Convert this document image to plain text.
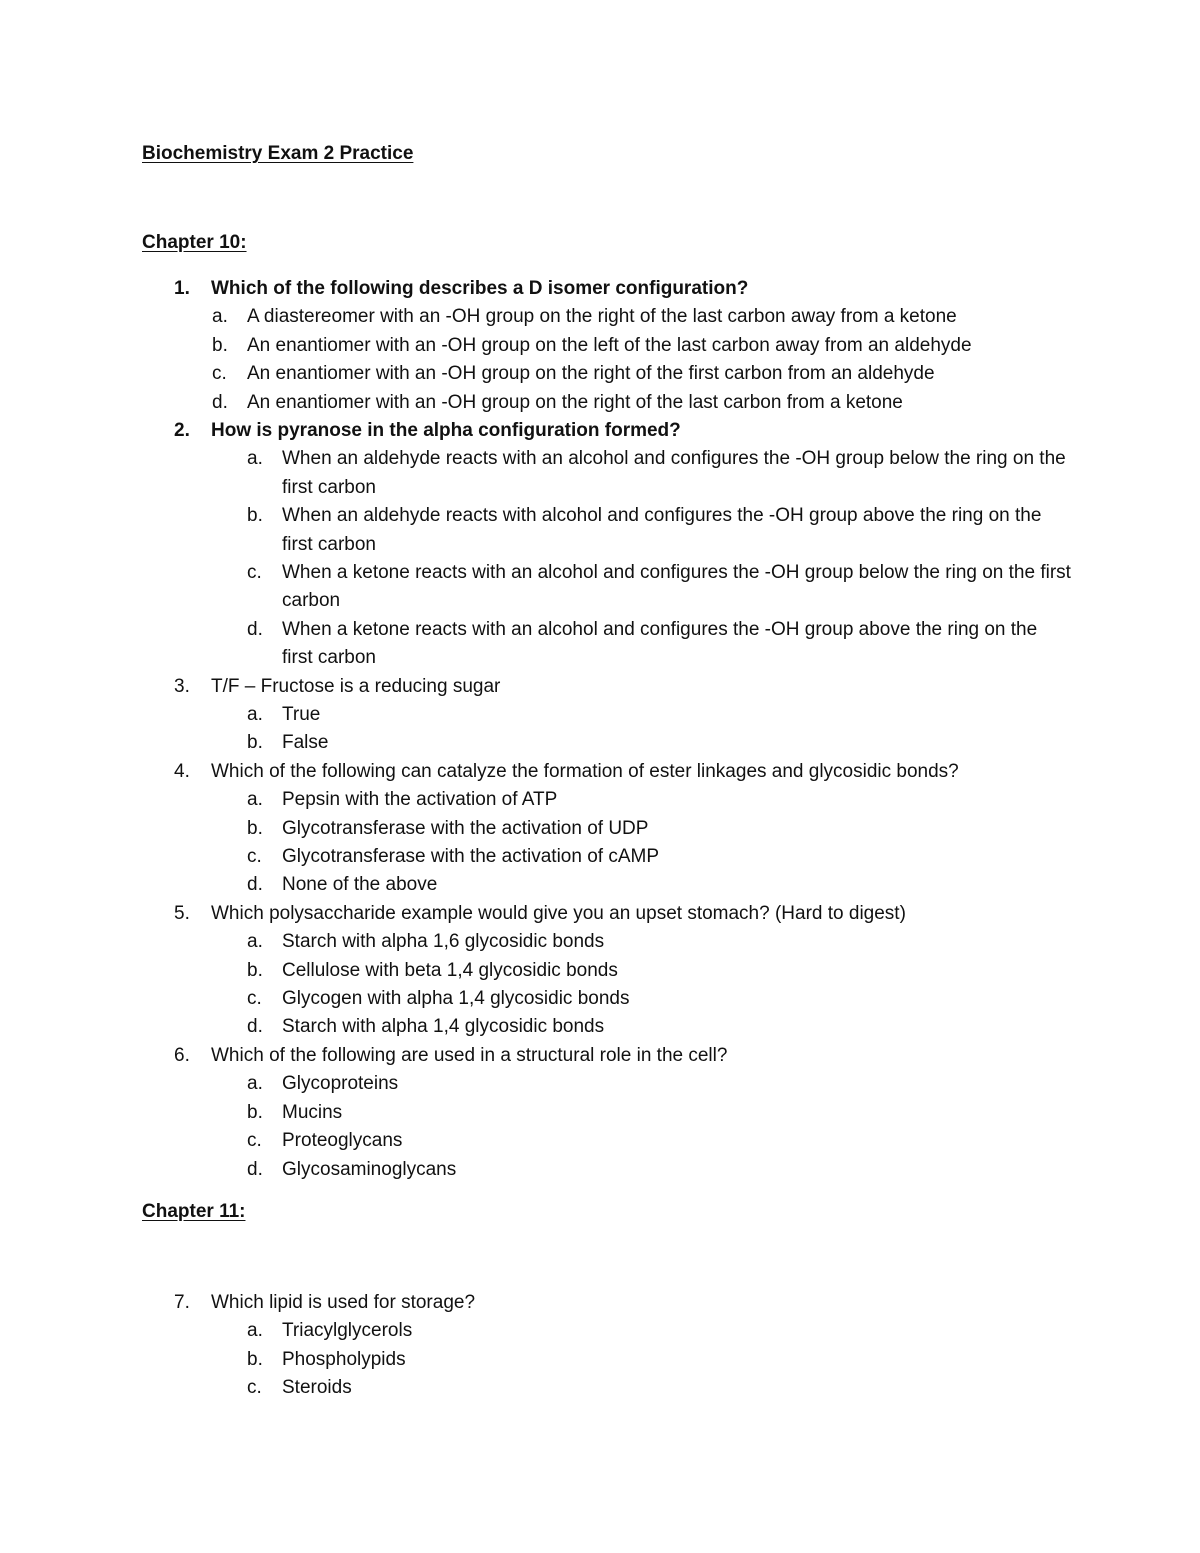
Biochemistry Exam 2 Practice
Chapter 10:
1.	Which of the following describes a D isomer configuration?
a.	A diastereomer with an -OH group on the right of the last carbon away from a ketone
b.	An enantiomer with an -OH group on the left of the last carbon away from an aldehyde
c.	An enantiomer with an -OH group on the right of the first carbon from an aldehyde
d.	An enantiomer with an -OH group on the right of the last carbon from a ketone
2.	How is pyranose in the alpha configuration formed?
a.	When an aldehyde reacts with an alcohol and configures the -OH group below the ring on the first carbon
b.	When an aldehyde reacts with alcohol and configures the -OH group above the ring on the first carbon
c.	When a ketone reacts with an alcohol and configures the -OH group below the ring on the first carbon
d.	When a ketone reacts with an alcohol and configures the -OH group above the ring on the first carbon
3.	T/F – Fructose is a reducing sugar
a.	True
b.	False
4.	Which of the following can catalyze the formation of ester linkages and glycosidic bonds?
a.	Pepsin with the activation of ATP
b.	Glycotransferase with the activation of UDP
c.	Glycotransferase with the activation of cAMP
d.	None of the above
5.	Which polysaccharide example would give you an upset stomach? (Hard to digest)
a.	Starch with alpha 1,6 glycosidic bonds
b.	Cellulose with beta 1,4 glycosidic bonds
c.	Glycogen with alpha 1,4 glycosidic bonds
d.	Starch with alpha 1,4 glycosidic bonds
6.	Which of the following are used in a structural role in the cell?
a.	Glycoproteins
b.	Mucins
c.	Proteoglycans
d.	Glycosaminoglycans
Chapter 11:
7.	Which lipid is used for storage?
a.	Triacylglycerols
b.	Phospholypids
c.	Steroids
